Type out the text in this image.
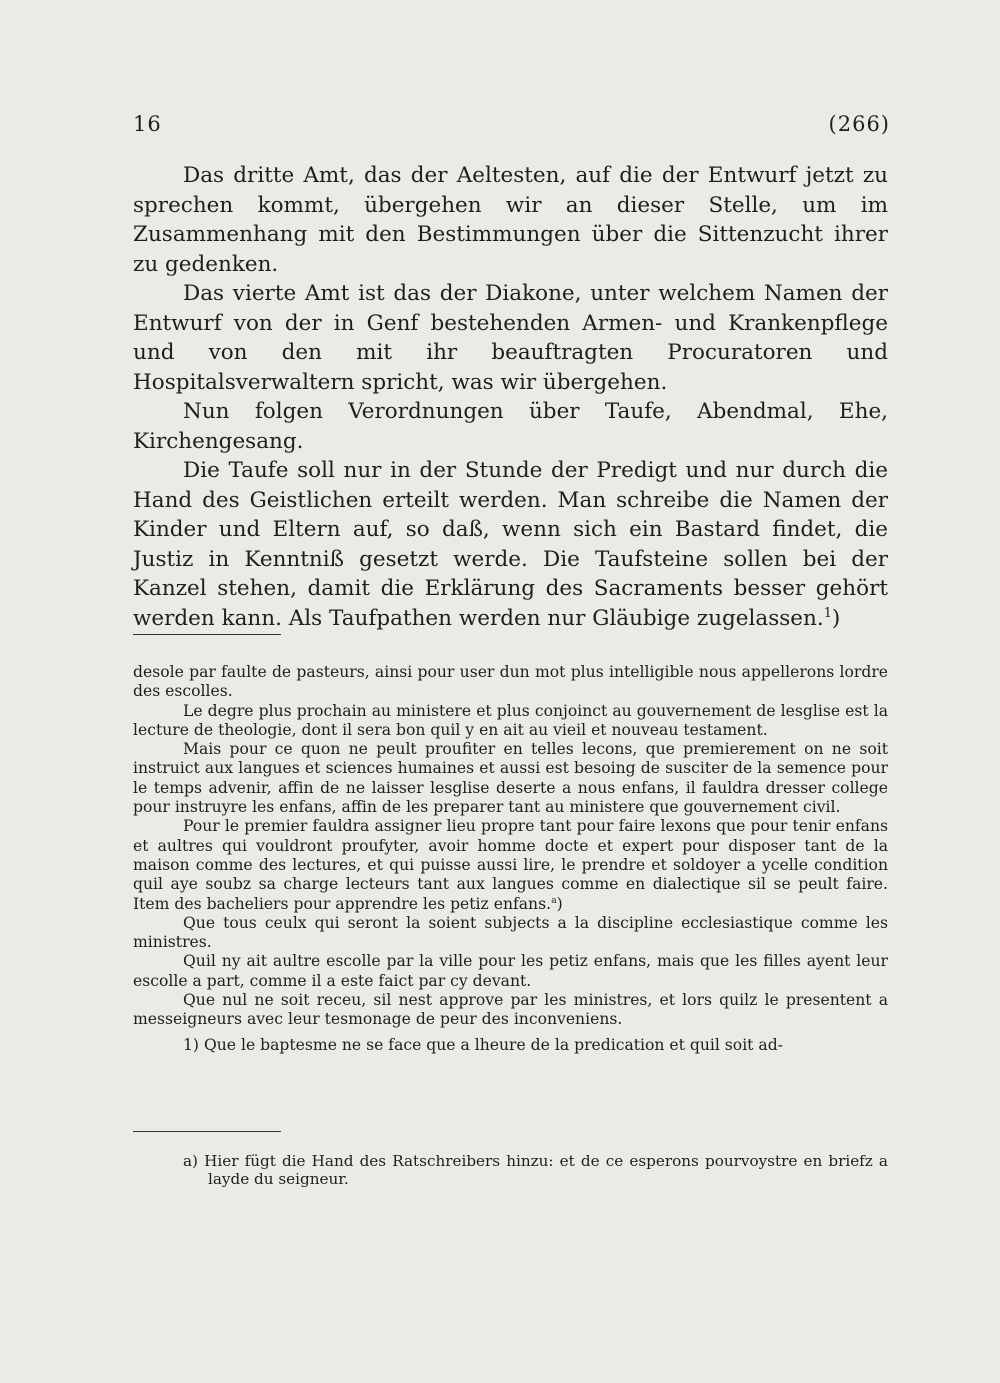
16	(266)

Das dritte Amt, das der Aeltesten, auf die der Entwurf jetzt zu sprechen kommt, übergehen wir an dieser Stelle, um im Zusammenhang mit den Bestimmungen über die Sittenzucht ihrer zu gedenken.

Das vierte Amt ist das der Diakone, unter welchem Namen der Entwurf von der in Genf bestehenden Armen- und Krankenpflege und von den mit ihr beauftragten Procuratoren und Hospitalsverwaltern spricht, was wir übergehen.

Nun folgen Verordnungen über Taufe, Abendmal, Ehe, Kirchengesang.

Die Taufe soll nur in der Stunde der Predigt und nur durch die Hand des Geistlichen erteilt werden. Man schreibe die Namen der Kinder und Eltern auf, so daß, wenn sich ein Bastard findet, die Justiz in Kenntniß gesetzt werde. Die Taufsteine sollen bei der Kanzel stehen, damit die Erklärung des Sacraments besser gehört werden kann. Als Taufpathen werden nur Gläubige zugelassen.$^1$)

desole par faulte de pasteurs, ainsi pour user dun mot plus intelligible nous appellerons lordre des escolles.

Le degre plus prochain au ministere et plus conjoinct au gouvernement de lesglise est la lecture de theologie, dont il sera bon quil y en ait au vieil et nouveau testament.

Mais pour ce quon ne peult proufiter en telles lecons, que premierement on ne soit instruict aux langues et sciences humaines et aussi est besoing de susciter de la semence pour le temps advenir, affin de ne laisser lesglise deserte a nous enfans, il fauldra dresser college pour instruyre les enfans, affin de les preparer tant au ministere que gouvernement civil.

Pour le premier fauldra assigner lieu propre tant pour faire lexons que pour tenir enfans et aultres qui vouldront proufyter, avoir homme docte et expert pour disposer tant de la maison comme des lectures, et qui puisse aussi lire, le prendre et soldoyer a ycelle condition quil aye soubz sa charge lecteurs tant aux langues comme en dialectique sil se peult faire. Item des bacheliers pour apprendre les petiz enfans.$^a$)

Que tous ceulx qui seront la soient subjects a la discipline ecclesiastique comme les ministres.

Quil ny ait aultre escolle par la ville pour les petiz enfans, mais que les filles ayent leur escolle a part, comme il a este faict par cy devant.

Que nul ne soit receu, sil nest approve par les ministres, et lors quilz le presentent a messeigneurs avec leur tesmonage de peur des inconveniens.

1) Que le baptesme ne se face que a lheure de la predication et quil soit ad-

a) Hier fügt die Hand des Ratschreibers hinzu: et de ce esperons pourvoystre en briefz a layde du seigneur.
